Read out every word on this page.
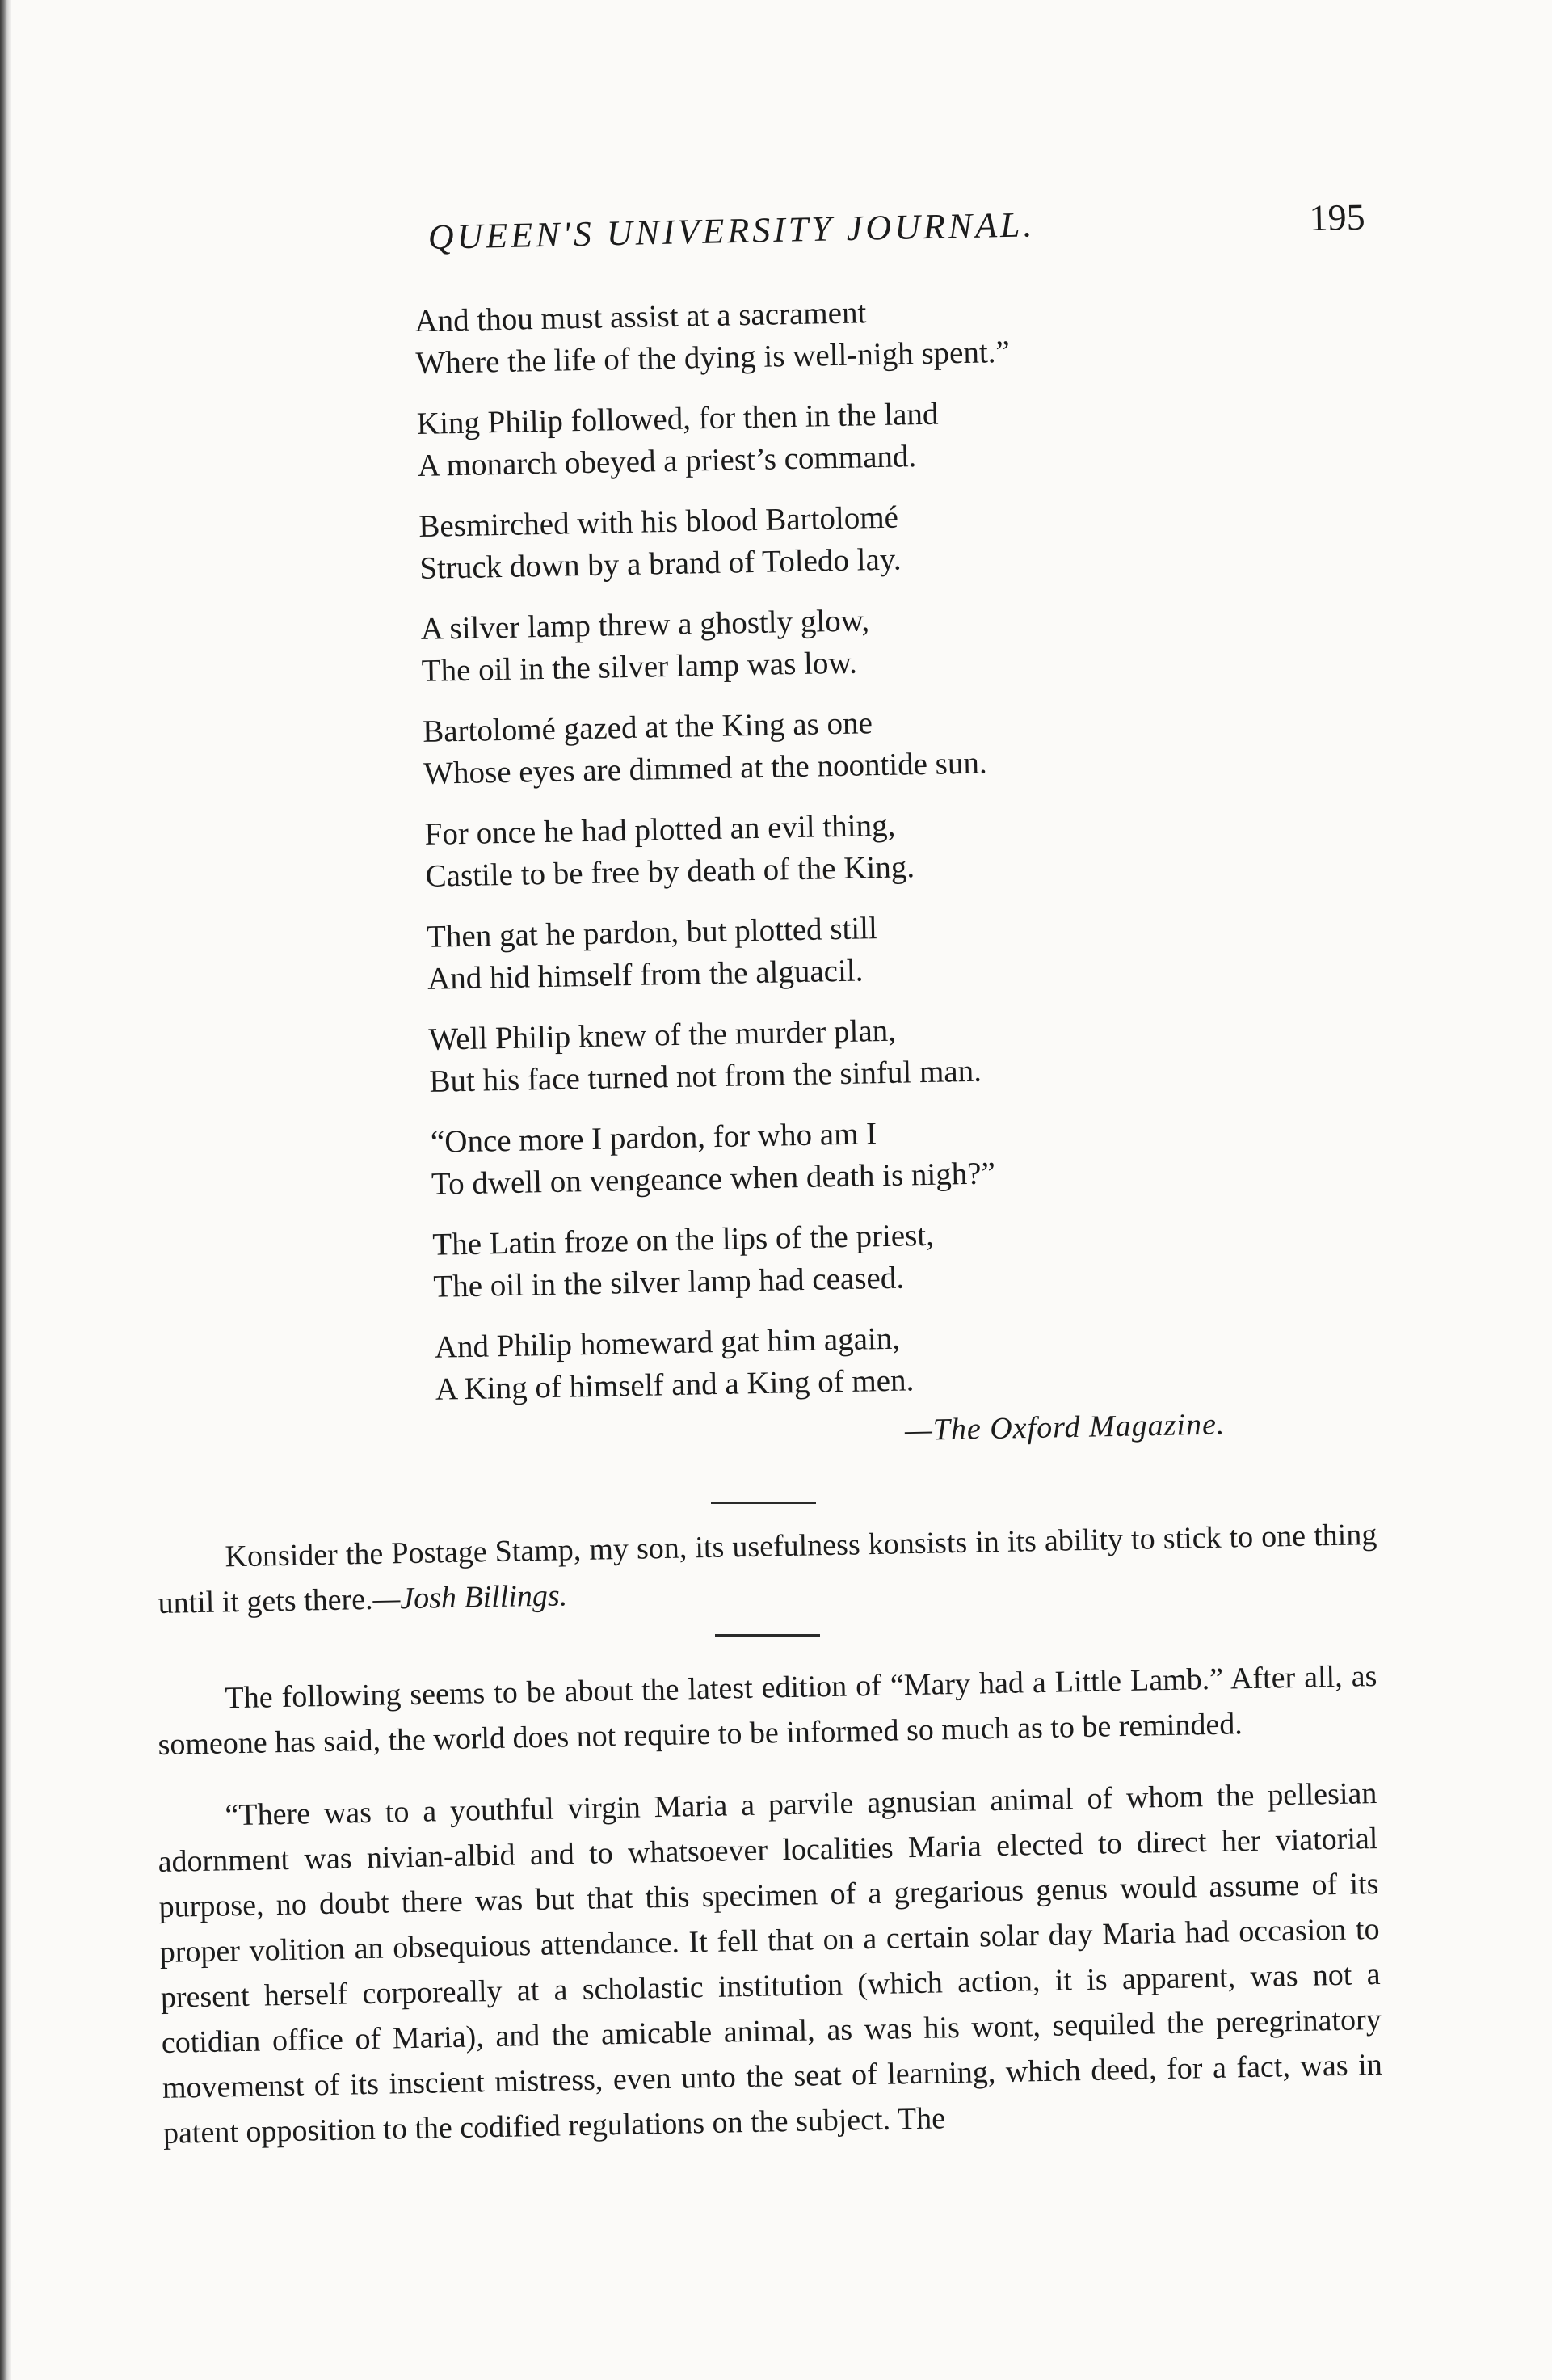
QUEEN'S UNIVERSITY JOURNAL.	195
And thou must assist at a sacrament
Where the life of the dying is well-nigh spent.”
King Philip followed, for then in the land
A monarch obeyed a priest’s command.
Besmirched with his blood Bartolomé
Struck down by a brand of Toledo lay.
A silver lamp threw a ghostly glow,
The oil in the silver lamp was low.
Bartolomé gazed at the King as one
Whose eyes are dimmed at the noontide sun.
For once he had plotted an evil thing,
Castile to be free by death of the King.
Then gat he pardon, but plotted still
And hid himself from the alguacil.
Well Philip knew of the murder plan,
But his face turned not from the sinful man.
“Once more I pardon, for who am I
To dwell on vengeance when death is nigh?”
The Latin froze on the lips of the priest,
The oil in the silver lamp had ceased.
And Philip homeward gat him again,
A King of himself and a King of men.
—The Oxford Magazine.

Konsider the Postage Stamp, my son, its usefulness konsists in its ability to stick to one thing until it gets there.—Josh Billings.

The following seems to be about the latest edition of “Mary had a Little Lamb.” After all, as someone has said, the world does not require to be informed so much as to be reminded.

“There was to a youthful virgin Maria a parvile agnusian animal of whom the pellesian adornment was nivian-albid and to whatsoever localities Maria elected to direct her viatorial purpose, no doubt there was but that this specimen of a gregarious genus would assume of its proper volition an obsequious attendance. It fell that on a certain solar day Maria had occasion to present herself corporeally at a scholastic institution (which action, it is apparent, was not a cotidian office of Maria), and the amicable animal, as was his wont, sequiled the peregrinatory movemenst of its inscient mistress, even unto the seat of learning, which deed, for a fact, was in patent opposition to the codified regulations on the subject. The
